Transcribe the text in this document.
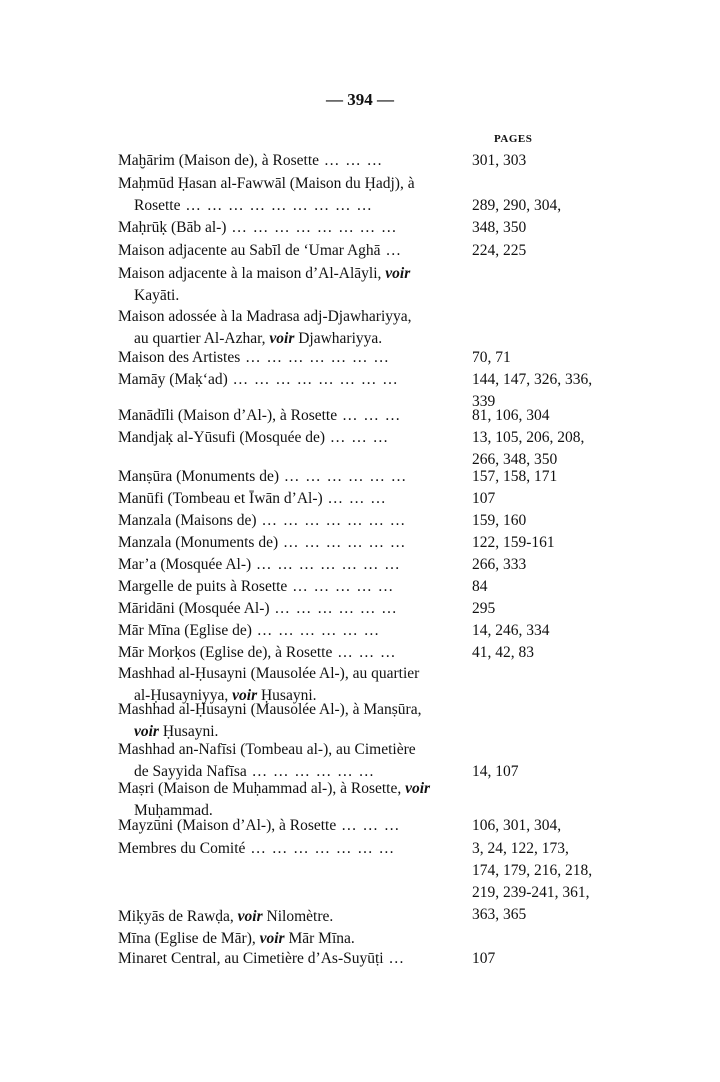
— 394 —
PAGES
Maḫārim (Maison de), à Rosette … … …	301, 303
Maḥmūd Ḥasan al-Fawwāl (Maison du Ḥadj), à
Rosette … … … … … … … … …	289, 290, 304,
Maḥrūḳ (Bāb al-) … … … … … … … …	348, 350
Maison adjacente au Sabīl de ‘Umar Aghā …	224, 225
Maison adjacente à la maison d’Al-Alāyli, voir
Kayāti.
Maison adossée à la Madrasa adj-Djawhariyya,
au quartier Al-Azhar, voir Djawhariyya.
Maison des Artistes … … … … … … …	70, 71
Mamāy (Maḳ‘ad) … … … … … … … …	144, 147, 326, 336,
339
Manādīli (Maison d’Al-), à Rosette … … …	81, 106, 304
Mandjaḳ al-Yūsufi (Mosquée de) … … …	13, 105, 206, 208,
266, 348, 350
Manṣūra (Monuments de) … … … … … …	157, 158, 171
Manūfi (Tombeau et Īwān d’Al-) … … …	107
Manzala (Maisons de) … … … … … … …	159, 160
Manzala (Monuments de) … … … … … …	122, 159-161
Mar’a (Mosquée Al-) … … … … … … …	266, 333
Margelle de puits à Rosette … … … … …	84
Māridāni (Mosquée Al-) … … … … … …	295
Mār Mīna (Eglise de) … … … … … …	14, 246, 334
Mār Morḳos (Eglise de), à Rosette … … …	41, 42, 83
Mashhad al-Ḥusayni (Mausolée Al-), au quartier
al-Ḥusayniyya, voir Ḥusayni.
Mashhad al-Ḥusayni (Mausolée Al-), à Manṣūra,
voir Ḥusayni.
Mashhad an-Nafīsi (Tombeau al-), au Cimetière
de Sayyida Nafīsa … … … … … …	14, 107
Maṣri (Maison de Muḥammad al-), à Rosette, voir
Muḥammad.
Mayzūni (Maison d’Al-), à Rosette … … …	106, 301, 304,
Membres du Comité … … … … … … …	3, 24, 122, 173,
174, 179, 216, 218,
219, 239-241, 361,
363, 365
Miḳyās de Rawḍa, voir Nilomètre.
Mīna (Eglise de Mār), voir Mār Mīna.
Minaret Central, au Cimetière d’As-Suyūṭi …	107
